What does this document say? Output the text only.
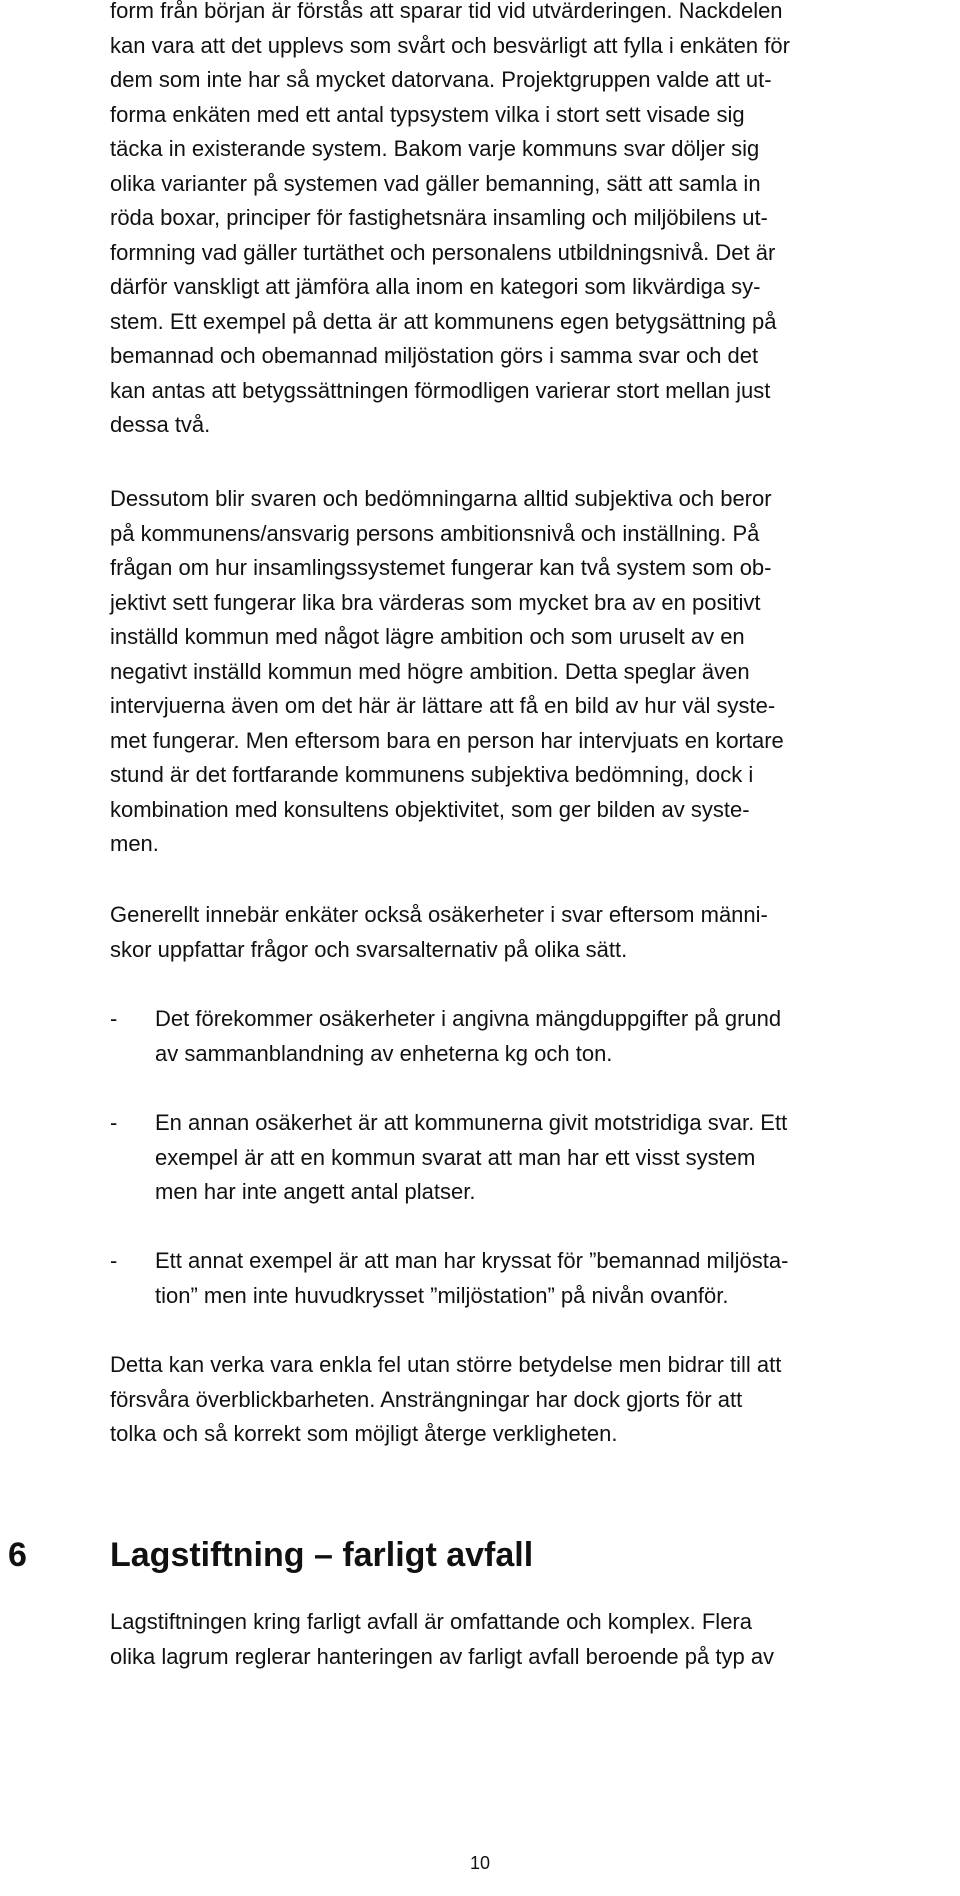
form från början är förstås att sparar tid vid utvärderingen. Nackdelen
kan vara att det upplevs som svårt och besvärligt att fylla i enkäten för
dem som inte har så mycket datorvana. Projektgruppen valde att ut-
forma enkäten med ett antal typsystem vilka i stort sett visade sig
täcka in existerande system. Bakom varje kommuns svar döljer sig
olika varianter på systemen vad gäller bemanning, sätt att samla in
röda boxar, principer för fastighetsnära insamling och miljöbilens ut-
formning vad gäller turtäthet och personalens utbildningsnivå. Det är
därför vanskligt att jämföra alla inom en kategori som likvärdiga sy-
stem. Ett exempel på detta är att kommunens egen betygsättning på
bemannad och obemannad miljöstation görs i samma svar och det
kan antas att betygssättningen förmodligen varierar stort mellan just
dessa två.
Dessutom blir svaren och bedömningarna alltid subjektiva och beror
på kommunens/ansvarig persons ambitionsnivå och inställning. På
frågan om hur insamlingssystemet fungerar kan två system som ob-
jektivt sett fungerar lika bra värderas som mycket bra av en positivt
inställd kommun med något lägre ambition och som uruselt av en
negativt inställd kommun med högre ambition. Detta speglar även
intervjuerna även om det här är lättare att få en bild av hur väl syste-
met fungerar. Men eftersom bara en person har intervjuats en kortare
stund är det fortfarande kommunens subjektiva bedömning, dock i
kombination med konsultens objektivitet, som ger bilden av syste-
men.
Generellt innebär enkäter också osäkerheter i svar eftersom männi-
skor uppfattar frågor och svarsalternativ på olika sätt.
-	Det förekommer osäkerheter i angivna mängduppgifter på grund
av sammanblandning av enheterna kg och ton.
-	En annan osäkerhet är att kommunerna givit motstridiga svar. Ett
exempel är att en kommun svarat att man har ett visst system
men har inte angett antal platser.
-	Ett annat exempel är att man har kryssat för ”bemannad miljösta-
tion” men inte huvudkrysset ”miljöstation” på nivån ovanför.
Detta kan verka vara enkla fel utan större betydelse men bidrar till att
försvåra överblickbarheten. Ansträngningar har dock gjorts för att
tolka och så korrekt som möjligt återge verkligheten.
6 Lagstiftning – farligt avfall
Lagstiftningen kring farligt avfall är omfattande och komplex. Flera
olika lagrum reglerar hanteringen av farligt avfall beroende på typ av
10
